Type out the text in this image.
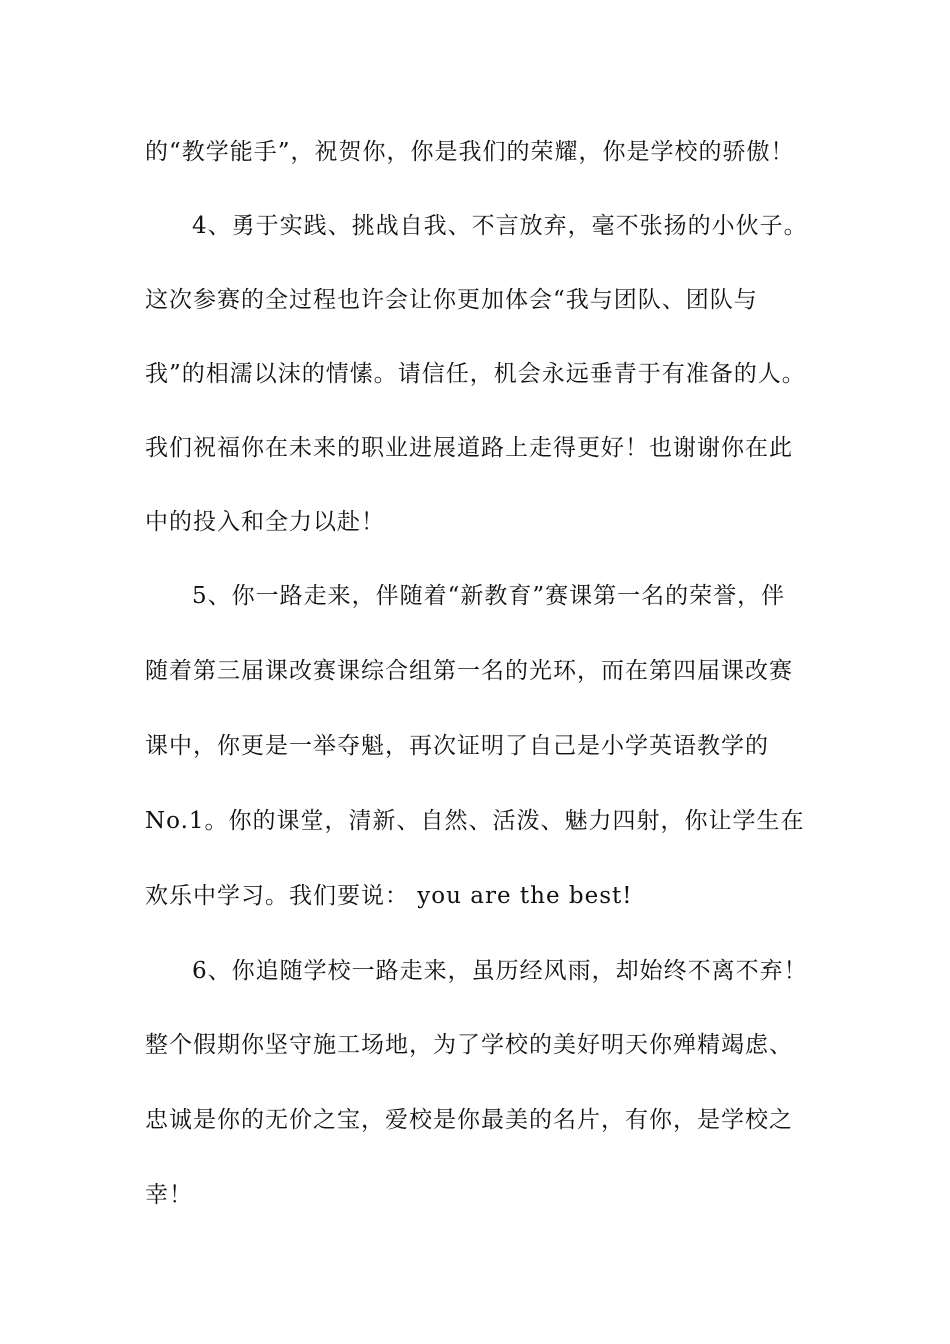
的“教学能手”，祝贺你，你是我们的荣耀，你是学校的骄傲！
4、勇于实践、挑战自我、不言放弃，毫不张扬的小伙子。
这次参赛的全过程也许会让你更加体会“我与团队、团队与
我”的相濡以沫的情愫。请信任，机会永远垂青于有准备的人。
我们祝福你在未来的职业进展道路上走得更好！也谢谢你在此
中的投入和全力以赴！
5、你一路走来，伴随着“新教育”赛课第一名的荣誉，伴
随着第三届课改赛课综合组第一名的光环，而在第四届课改赛
课中，你更是一举夺魁，再次证明了自己是小学英语教学的
No.1。你的课堂，清新、自然、活泼、魅力四射，你让学生在
欢乐中学习。我们要说： you are the best!
6、你追随学校一路走来，虽历经风雨，却始终不离不弃！
整个假期你坚守施工场地，为了学校的美好明天你殚精竭虑、
忠诚是你的无价之宝，爱校是你最美的名片，有你，是学校之
幸！
